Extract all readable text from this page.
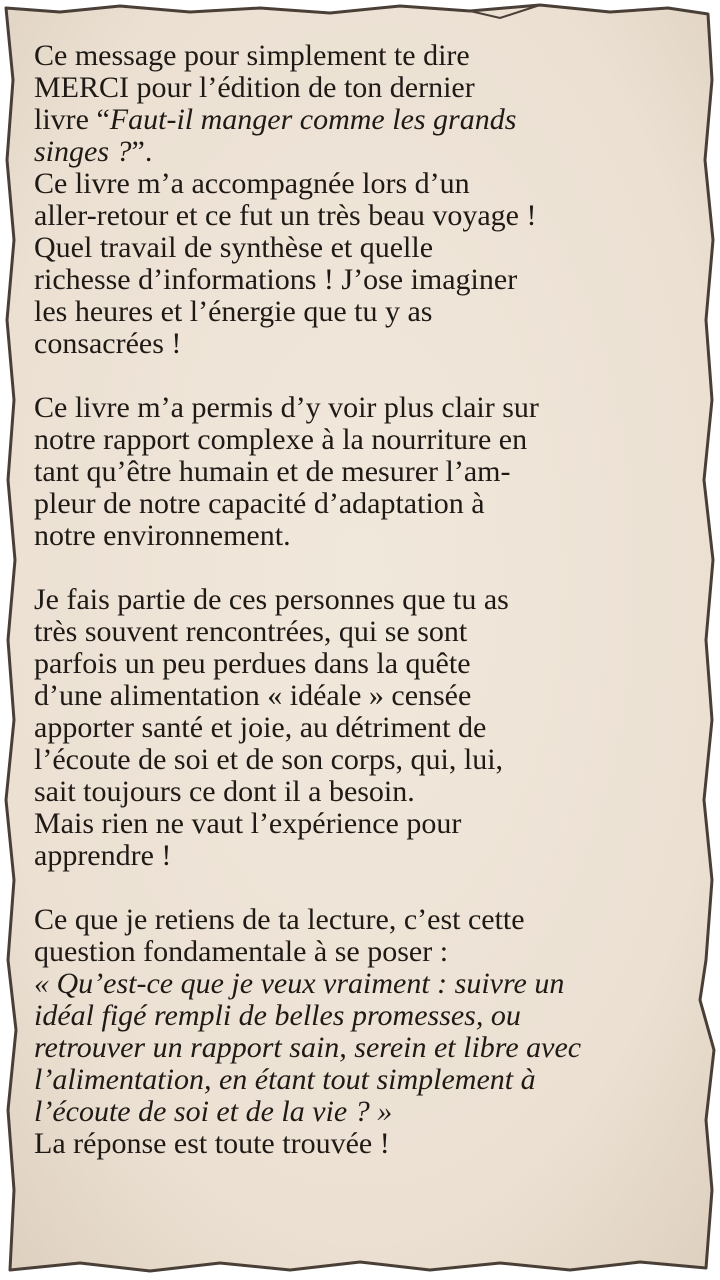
Ce message pour simplement te dire
MERCI pour l’édition de ton dernier
livre “Faut-il manger comme les grands
singes ?”.
Ce livre m’a accompagnée lors d’un
aller-retour et ce fut un très beau voyage !
Quel travail de synthèse et quelle
richesse d’informations ! J’ose imaginer
les heures et l’énergie que tu y as
consacrées !
Ce livre m’a permis d’y voir plus clair sur
notre rapport complexe à la nourriture en
tant qu’être humain et de mesurer l’am-
pleur de notre capacité d’adaptation à
notre environnement.
Je fais partie de ces personnes que tu as
très souvent rencontrées, qui se sont
parfois un peu perdues dans la quête
d’une alimentation « idéale » censée
apporter santé et joie, au détriment de
l’écoute de soi et de son corps, qui, lui,
sait toujours ce dont il a besoin.
Mais rien ne vaut l’expérience pour
apprendre !
Ce que je retiens de ta lecture, c’est cette
question fondamentale à se poser :
« Qu’est-ce que je veux vraiment : suivre un
idéal figé rempli de belles promesses, ou
retrouver un rapport sain, serein et libre avec
l’alimentation, en étant tout simplement à
l’écoute de soi et de la vie ? »
La réponse est toute trouvée !
